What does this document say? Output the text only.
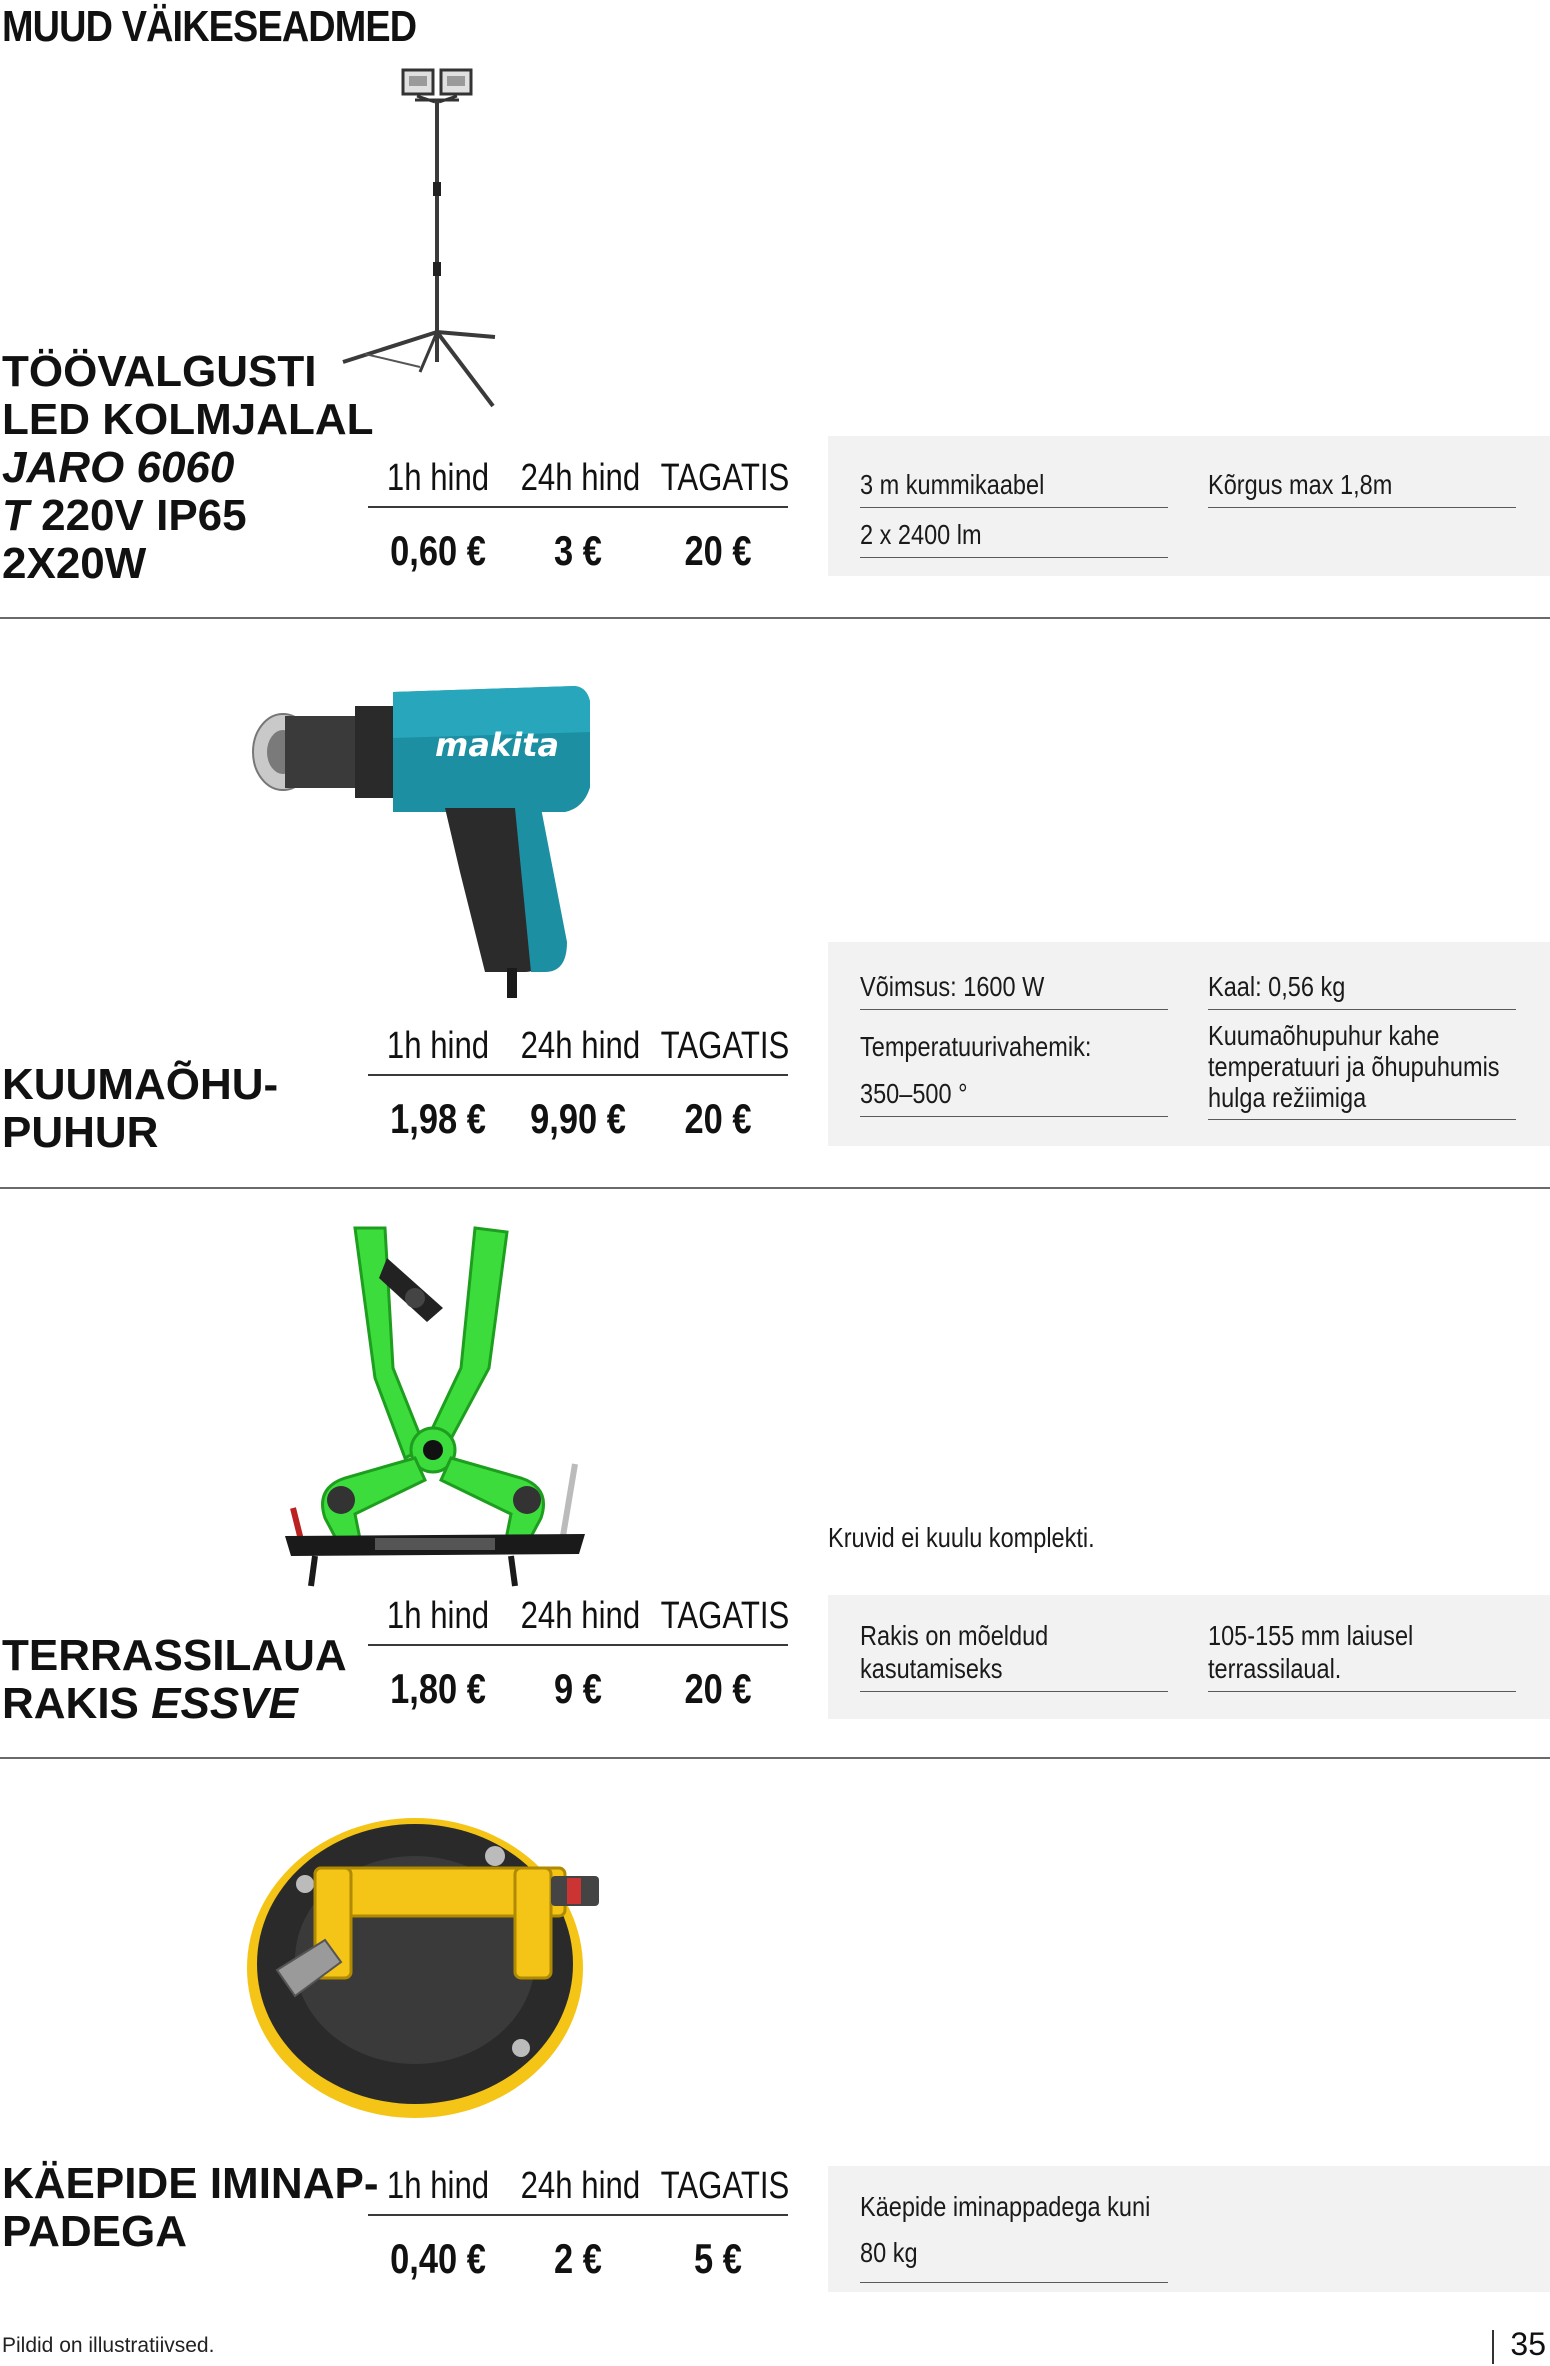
MUUD VÄIKESEADMED
TÖÖVALGUSTI
LED KOLMJALAL
JARO 6060
T 220V IP65
2X20W
1h hind 24h hind TAGATIS
0,60 €	3 €	20 €
3 m kummikaabel
2 x 2400 lm
Kõrgus max 1,8m
makita
Võimsus: 1600 W
Temperatuurivahemik:
350–500 °
Kaal: 0,56 kg
Kuumaõhupuhur kahe
temperatuuri ja õhupuhumis
hulga režiimiga
KUUMAÕHU-
PUHUR
1h hind 24h hind TAGATIS
1,98 € 9,90 €	20 €
Kruvid ei kuulu komplekti.
Rakis on mõeldud
kasutamiseks
105-155 mm laiusel
terrassilaual.
TERRASSILAUA
RAKIS ESSVE
1h hind 24h hind TAGATIS
1,80 €	9 €	20 €
KÄEPIDE IMINAP-
PADEGA
1h hind 24h hind TAGATIS
0,40 €	2 €	5 €
Käepide iminappadega kuni
80 kg
Pildid on illustratiivsed.	35
